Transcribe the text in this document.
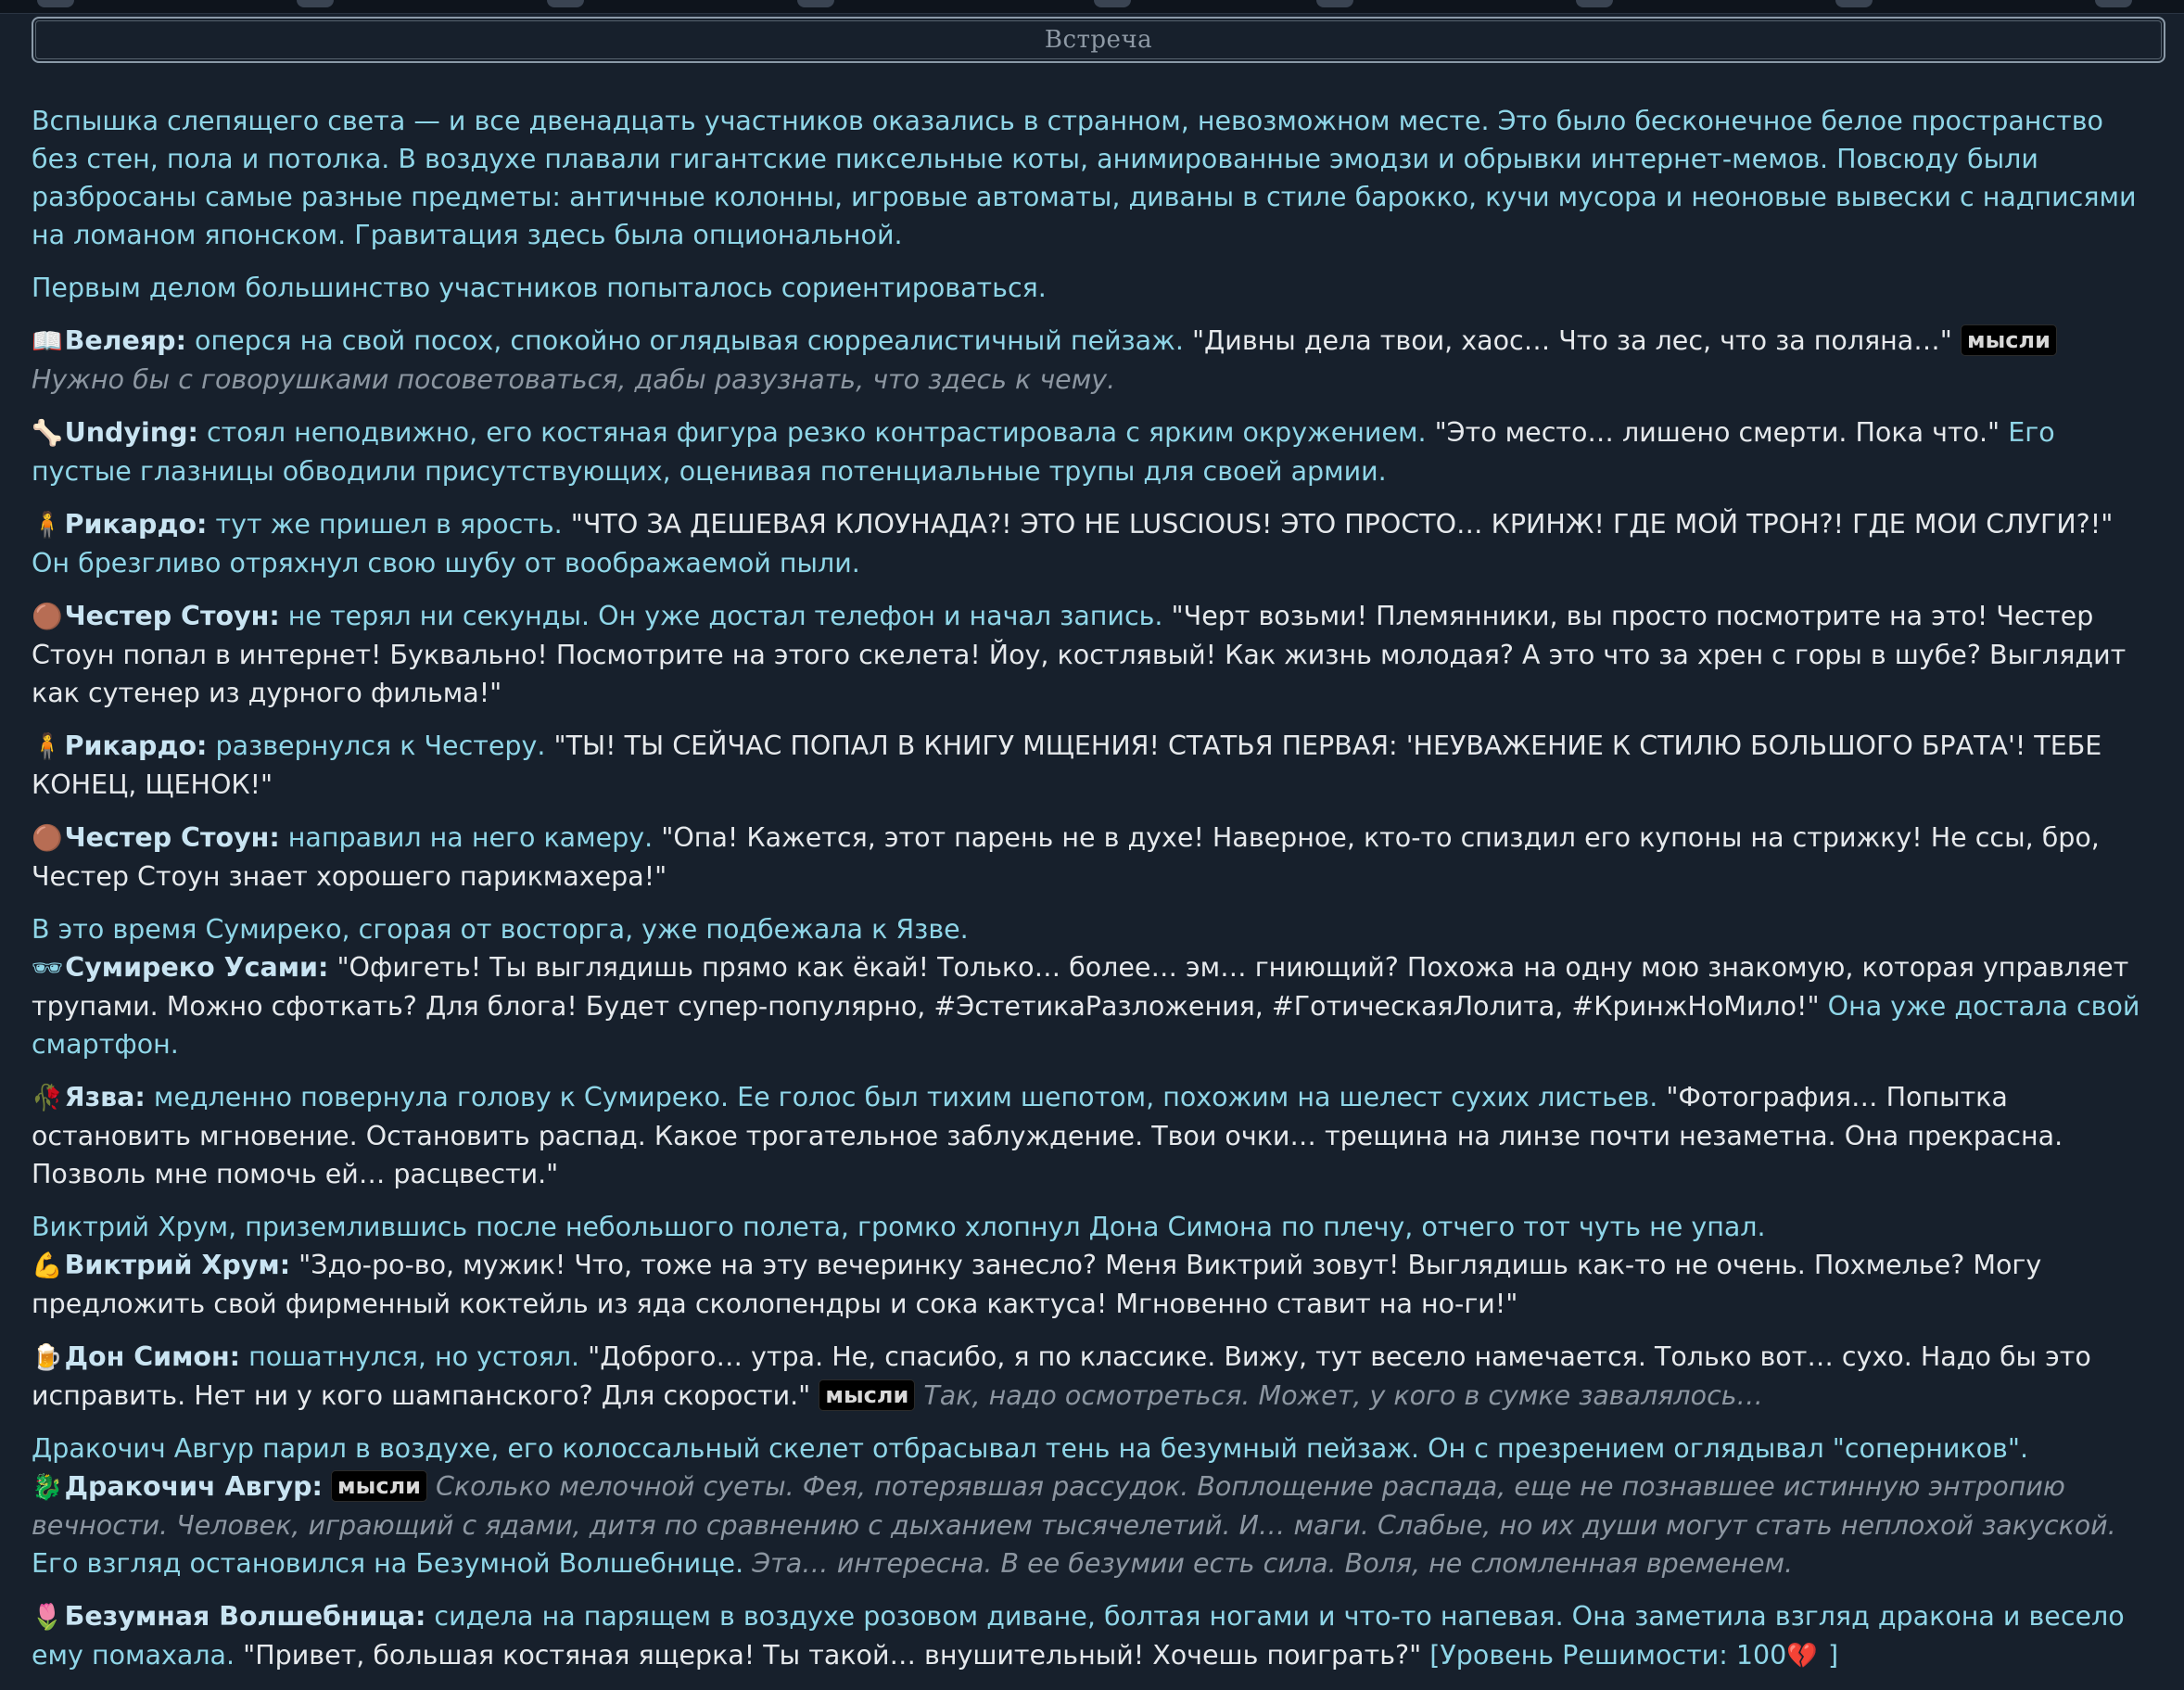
Встреча
Вспышка слепящего света — и все двенадцать участников оказались в странном, невозможном месте. Это было бесконечное белое пространство без стен, пола и потолка. В воздухе плавали гигантские пиксельные коты, анимированные эмодзи и обрывки интернет-мемов. Повсюду были разбросаны самые разные предметы: античные колонны, игровые автоматы, диваны в стиле барокко, кучи мусора и неоновые вывески с надписями на ломаном японском. Гравитация здесь была опциональной.
Первым делом большинство участников попыталось сориентироваться.
📖Велеяр: оперся на свой посох, спокойно оглядывая сюрреалистичный пейзаж. "Дивны дела твои, хаос… Что за лес, что за поляна…" мысли Нужно бы с говорушками посоветоваться, дабы разузнать, что здесь к чему.
🦴Undying: стоял неподвижно, его костяная фигура резко контрастировала с ярким окружением. "Это место… лишено смерти. Пока что." Его пустые глазницы обводили присутствующих, оценивая потенциальные трупы для своей армии.
🧍Рикардо: тут же пришел в ярость. "ЧТО ЗА ДЕШЕВАЯ КЛОУНАДА?! ЭТО НЕ LUSCIOUS! ЭТО ПРОСТО… КРИНЖ! ГДЕ МОЙ ТРОН?! ГДЕ МОИ СЛУГИ?!" Он брезгливо отряхнул свою шубу от воображаемой пыли.
🟤Честер Стоун: не терял ни секунды. Он уже достал телефон и начал запись. "Черт возьми! Племянники, вы просто посмотрите на это! Честер Стоун попал в интернет! Буквально! Посмотрите на этого скелета! Йоу, костлявый! Как жизнь молодая? А это что за хрен с горы в шубе? Выглядит как сутенер из дурного фильма!"
🧍Рикардо: развернулся к Честеру. "ТЫ! ТЫ СЕЙЧАС ПОПАЛ В КНИГУ МЩЕНИЯ! СТАТЬЯ ПЕРВАЯ: 'НЕУВАЖЕНИЕ К СТИЛЮ БОЛЬШОГО БРАТА'! ТЕБЕ КОНЕЦ, ЩЕНОК!"
🟤Честер Стоун: направил на него камеру. "Опа! Кажется, этот парень не в духе! Наверное, кто-то спиздил его купоны на стрижку! Не ссы, бро, Честер Стоун знает хорошего парикмахера!"
В это время Сумиреко, сгорая от восторга, уже подбежала к Язве.
🕶Сумиреко Усами: "Офигеть! Ты выглядишь прямо как ёкай! Только… более… эм… гниющий? Похожа на одну мою знакомую, которая управляет трупами. Можно сфоткать? Для блога! Будет супер-популярно, #ЭстетикаРазложения, #ГотическаяЛолита, #КринжНоМило!" Она уже достала свой смартфон.
🥀Язва: медленно повернула голову к Сумиреко. Ее голос был тихим шепотом, похожим на шелест сухих листьев. "Фотография… Попытка остановить мгновение. Остановить распад. Какое трогательное заблуждение. Твои очки… трещина на линзе почти незаметна. Она прекрасна. Позволь мне помочь ей… расцвести."
Виктрий Хрум, приземлившись после небольшого полета, громко хлопнул Дона Симона по плечу, отчего тот чуть не упал.
💪Виктрий Хрум: "Здо-ро-во, мужик! Что, тоже на эту вечеринку занесло? Меня Виктрий зовут! Выглядишь как-то не очень. Похмелье? Могу предложить свой фирменный коктейль из яда сколопендры и сока кактуса! Мгновенно ставит на но-ги!"
🍺Дон Симон: пошатнулся, но устоял. "Доброго… утра. Не, спасибо, я по классике. Вижу, тут весело намечается. Только вот… сухо. Надо бы это исправить. Нет ни у кого шампанского? Для скорости." мысли Так, надо осмотреться. Может, у кого в сумке завалялось…
Дракочич Авгур парил в воздухе, его колоссальный скелет отбрасывал тень на безумный пейзаж. Он с презрением оглядывал "соперников".
🐉Дракочич Авгур: мысли Сколько мелочной суеты. Фея, потерявшая рассудок. Воплощение распада, еще не познавшее истинную энтропию вечности. Человек, играющий с ядами, дитя по сравнению с дыханием тысячелетий. И… маги. Слабые, но их души могут стать неплохой закуской. Его взгляд остановился на Безумной Волшебнице. Эта… интересна. В ее безумии есть сила. Воля, не сломленная временем.
🌷Безумная Волшебница: сидела на парящем в воздухе розовом диване, болтая ногами и что-то напевая. Она заметила взгляд дракона и весело ему помахала. "Привет, большая костяная ящерка! Ты такой… внушительный! Хочешь поиграть?" [Уровень Решимости: 100💔 ]
